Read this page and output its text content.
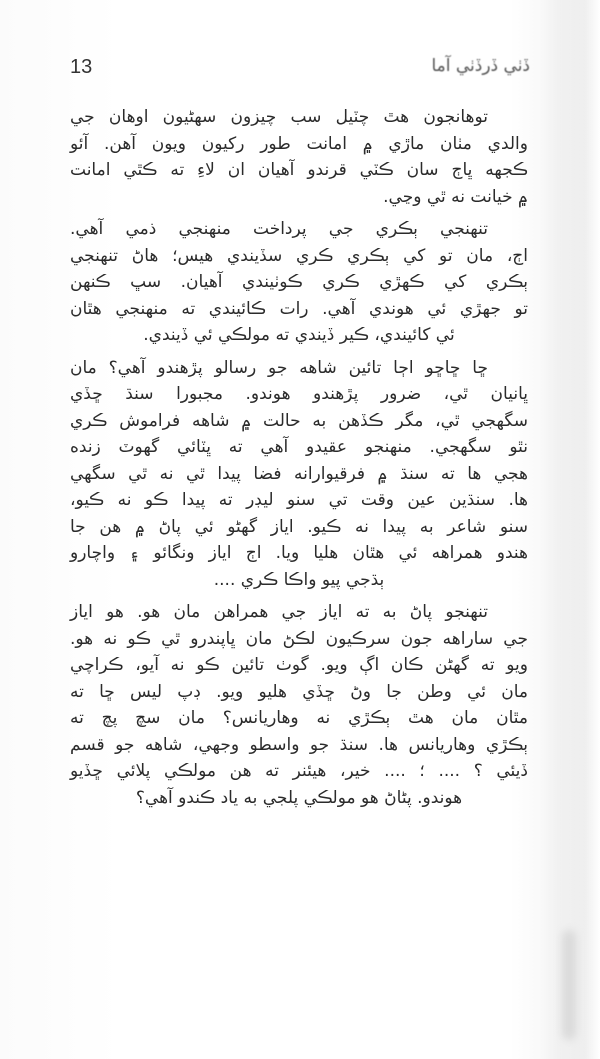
13	ڏٺي ڏرڏٺي آما
توهانجون هٿ چٽيل سب چيزون سهڻيون اوهان جي
والدي مٺان ماڙي ۾ امانت طور رکيون ويون آهن. آئو
ڪجهه ڀاڄ سان ڪٽي قرندو آهيان ان لاءِ ته ڪٿي امانت
۾ خيانت نه ٿي وڃي.
تنهنجي ٻڪري جي پرداخت منهنجي ذمي آهي.
اڄ، مان تو کي ٻڪري ڪري سڏيندي هيس؛ هاڻ تنهنجي
ٻڪري کي ڪهڙي ڪري ڪوٺيندي آهيان. سڀ ڪنهن
تو جهڙي ئي هوندي آهي. رات ڪائيندي ته منهنجي هٿان
ئي کائيندي، ڪير ڏيندي ته مولڪي ئي ڏيندي.
ڇا ڇاڇو اڄا تائين شاهه جو رسالو پڙهندو آهي؟ مان
ڀانيان ٿي، ضرور پڙهندو هوندو. مجبورا سنڌ ڇڏي
سگهجي ٿي، مگر ڪڏهن به حالت ۾ شاهه فراموش ڪري
نٿو سگهجي. منهنجو عقيدو آهي ته ڀٽائي گهوٽ زنده
هجي ها ته سنڌ ۾ فرقيوارانه فضا پيدا ٿي نه ٿي سگهي
ها. سنڌين عين وقت تي سنو ليڊر ته پيدا ڪو نه ڪيو،
سنو شاعر به پيدا نه ڪيو. اياز گهڻو ئي پاڻ ۾ هن جا
هندو همراهه ئي هٿان هليا ويا. اڄ اياز ونگائو ۽ واچارو
ٻڌجي پيو واڪا ڪري ....
تنهنجو پاڻ به ته اياز جي همراهن مان هو. هو اياز
جي ساراهه جون سرڪيون لڪڻ مان ڀاپندرو ٿي ڪو نه هو.
ويو ته گهڻن ڪان اڳ ويو. گوٺ تائين ڪو نه آيو، ڪراچي
مان ئي وطن جا وڻ ڇڏي هليو ويو. ڊپ ليس ڇا ته
مٿان مان هٿ ٻڪڙي نه وهاريانس؟ مان سچ پچ ته
ٻڪڙي وهاريانس ها. سنڌ جو واسطو وجهي، شاهه جو قسم
ڏيئي ؟ .... ؛ .... خير، هيئنر ته هن مولڪي پلائي ڇڏيو
هوندو. پڻاڻ هو مولڪي پلجي به ياد ڪندو آهي؟
